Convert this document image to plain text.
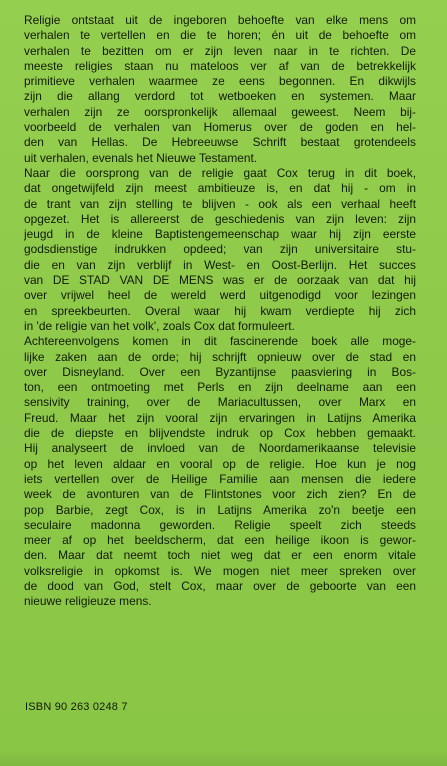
Religie ontstaat uit de ingeboren behoefte van elke mens om
verhalen te vertellen en die te horen; én uit de behoefte om
verhalen te bezitten om er zijn leven naar in te richten. De
meeste religies staan nu mateloos ver af van de betrekkelijk
primitieve verhalen waarmee ze eens begonnen. En dikwijls
zijn die allang verdord tot wetboeken en systemen. Maar
verhalen zijn ze oorspronkelijk allemaal geweest. Neem bij-
voorbeeld de verhalen van Homerus over de goden en hel-
den van Hellas. De Hebreeuwse Schrift bestaat grotendeels
uit verhalen, evenals het Nieuwe Testament.
Naar die oorsprong van de religie gaat Cox terug in dit boek,
dat ongetwijfeld zijn meest ambitieuze is, en dat hij - om in
de trant van zijn stelling te blijven - ook als een verhaal heeft
opgezet. Het is allereerst de geschiedenis van zijn leven: zijn
jeugd in de kleine Baptistengemeenschap waar hij zijn eerste
godsdienstige indrukken opdeed; van zijn universitaire stu-
die en van zijn verblijf in West- en Oost-Berlijn. Het succes
van DE STAD VAN DE MENS was er de oorzaak van dat hij
over vrijwel heel de wereld werd uitgenodigd voor lezingen
en spreekbeurten. Overal waar hij kwam verdiepte hij zich
in 'de religie van het volk', zoals Cox dat formuleert.
Achtereenvolgens komen in dit fascinerende boek alle moge-
lijke zaken aan de orde; hij schrijft opnieuw over de stad en
over Disneyland. Over een Byzantijnse paasviering in Bos-
ton, een ontmoeting met Perls en zijn deelname aan een
sensivity training, over de Mariacultussen, over Marx en
Freud. Maar het zijn vooral zijn ervaringen in Latijns Amerika
die de diepste en blijvendste indruk op Cox hebben gemaakt.
Hij analyseert de invloed van de Noordamerikaanse televisie
op het leven aldaar en vooral op de religie. Hoe kun je nog
iets vertellen over de Heilige Familie aan mensen die iedere
week de avonturen van de Flintstones voor zich zien? En de
pop Barbie, zegt Cox, is in Latijns Amerika zo'n beetje een
seculaire madonna geworden. Religie speelt zich steeds
meer af op het beeldscherm, dat een heilige ikoon is gewor-
den. Maar dat neemt toch niet weg dat er een enorm vitale
volksreligie in opkomst is. We mogen niet meer spreken over
de dood van God, stelt Cox, maar over de geboorte van een
nieuwe religieuze mens.

ISBN 90 263 0248 7
